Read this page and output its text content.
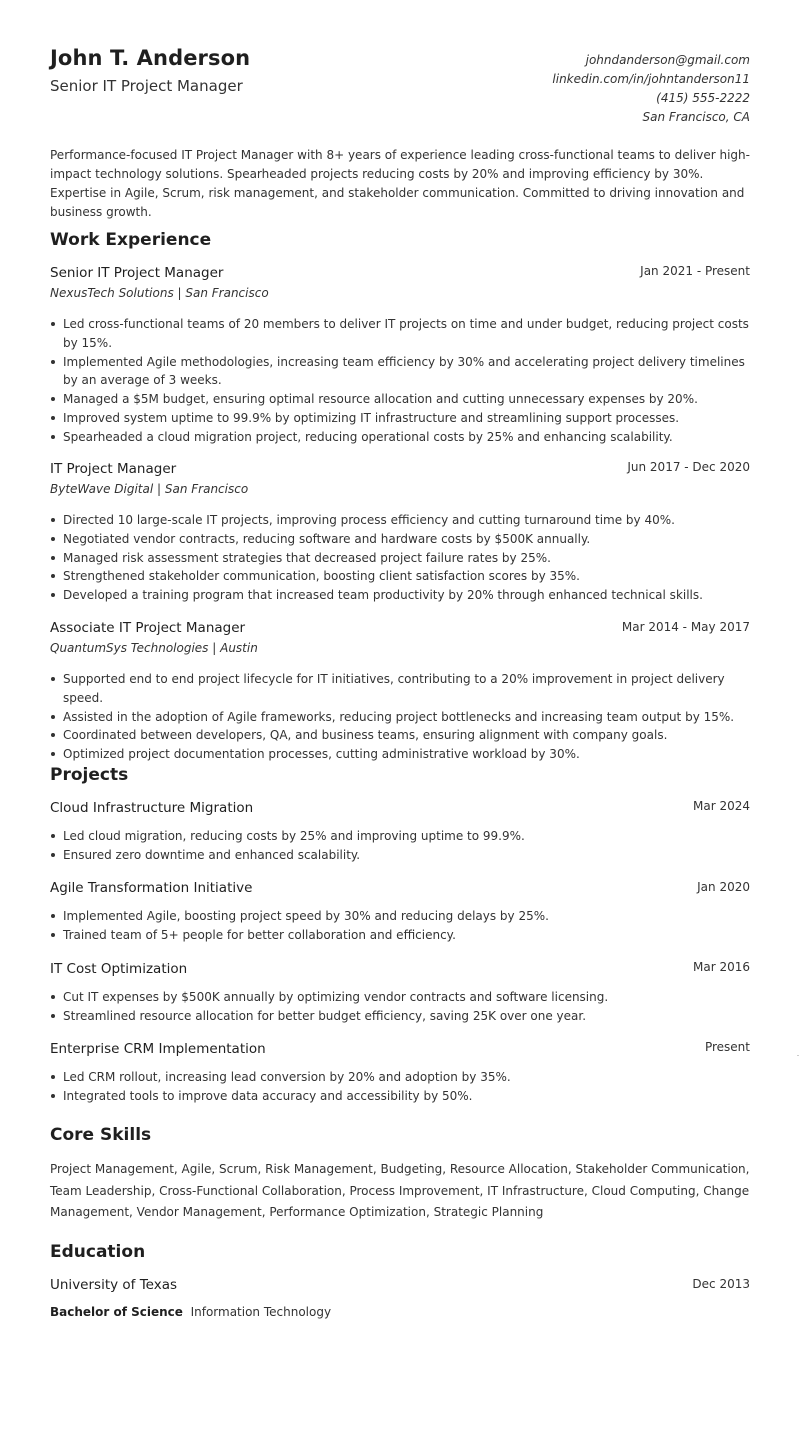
John T. Anderson
Senior IT Project Manager
johndanderson@gmail.com
linkedin.com/in/johntanderson11
(415) 555-2222
San Francisco, CA
Performance-focused IT Project Manager with 8+ years of experience leading cross-functional teams to deliver high-impact technology solutions. Spearheaded projects reducing costs by 20% and improving efficiency by 30%. Expertise in Agile, Scrum, risk management, and stakeholder communication. Committed to driving innovation and business growth.
Work Experience
Senior IT Project Manager	Jan 2021 - Present
NexusTech Solutions | San Francisco
Led cross-functional teams of 20 members to deliver IT projects on time and under budget, reducing project costs by 15%.
Implemented Agile methodologies, increasing team efficiency by 30% and accelerating project delivery timelines by an average of 3 weeks.
Managed a $5M budget, ensuring optimal resource allocation and cutting unnecessary expenses by 20%.
Improved system uptime to 99.9% by optimizing IT infrastructure and streamlining support processes.
Spearheaded a cloud migration project, reducing operational costs by 25% and enhancing scalability.
IT Project Manager	Jun 2017 - Dec 2020
ByteWave Digital | San Francisco
Directed 10 large-scale IT projects, improving process efficiency and cutting turnaround time by 40%.
Negotiated vendor contracts, reducing software and hardware costs by $500K annually.
Managed risk assessment strategies that decreased project failure rates by 25%.
Strengthened stakeholder communication, boosting client satisfaction scores by 35%.
Developed a training program that increased team productivity by 20% through enhanced technical skills.
Associate IT Project Manager	Mar 2014 - May 2017
QuantumSys Technologies | Austin
Supported end to end project lifecycle for IT initiatives, contributing to a 20% improvement in project delivery speed.
Assisted in the adoption of Agile frameworks, reducing project bottlenecks and increasing team output by 15%.
Coordinated between developers, QA, and business teams, ensuring alignment with company goals.
Optimized project documentation processes, cutting administrative workload by 30%.
Projects
Cloud Infrastructure Migration	Mar 2024
Led cloud migration, reducing costs by 25% and improving uptime to 99.9%.
Ensured zero downtime and enhanced scalability.
Agile Transformation Initiative	Jan 2020
Implemented Agile, boosting project speed by 30% and reducing delays by 25%.
Trained team of 5+ people for better collaboration and efficiency.
IT Cost Optimization	Mar 2016
Cut IT expenses by $500K annually by optimizing vendor contracts and software licensing.
Streamlined resource allocation for better budget efficiency, saving 25K over one year.
Enterprise CRM Implementation	Present
Led CRM rollout, increasing lead conversion by 20% and adoption by 35%.
Integrated tools to improve data accuracy and accessibility by 50%.
Core Skills
Project Management, Agile, Scrum, Risk Management, Budgeting, Resource Allocation, Stakeholder Communication, Team Leadership, Cross-Functional Collaboration, Process Improvement, IT Infrastructure, Cloud Computing, Change Management, Vendor Management, Performance Optimization, Strategic Planning
Education
University of Texas	Dec 2013
Bachelor of Science Information Technology
